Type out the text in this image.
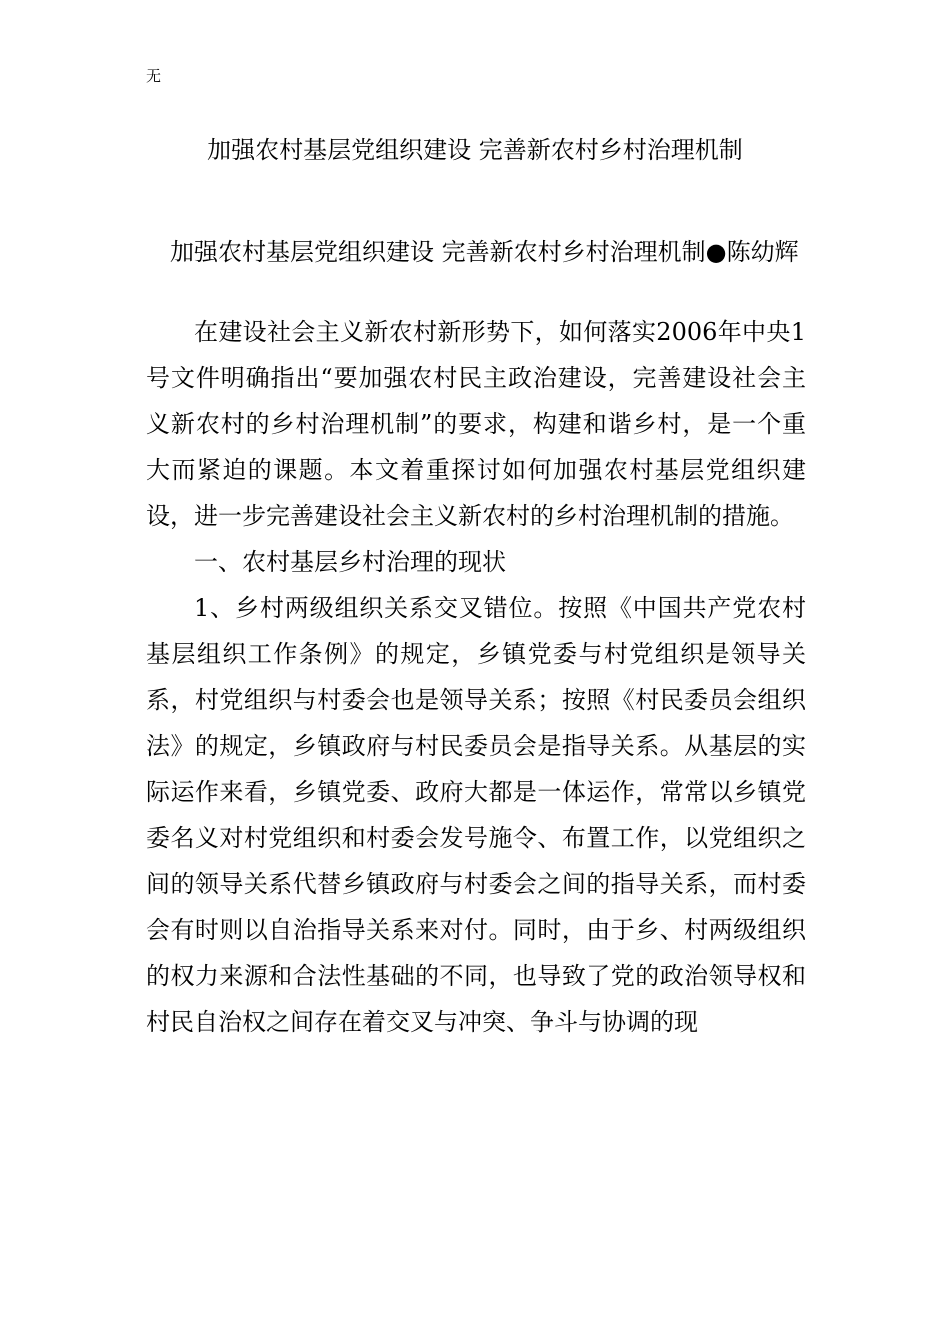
无
加强农村基层党组织建设 完善新农村乡村治理机制

加强农村基层党组织建设 完善新农村乡村治理机制●陈幼辉

在建设社会主义新农村新形势下，如何落实2006年中央1号文件明确指出“要加强农村民主政治建设，完善建设社会主义新农村的乡村治理机制”的要求，构建和谐乡村，是一个重大而紧迫的课题。本文着重探讨如何加强农村基层党组织建设，进一步完善建设社会主义新农村的乡村治理机制的措施。

一、农村基层乡村治理的现状

1、乡村两级组织关系交叉错位。按照《中国共产党农村基层组织工作条例》的规定，乡镇党委与村党组织是领导关系，村党组织与村委会也是领导关系；按照《村民委员会组织法》的规定，乡镇政府与村民委员会是指导关系。从基层的实际运作来看，乡镇党委、政府大都是一体运作，常常以乡镇党委名义对村党组织和村委会发号施令、布置工作，以党组织之间的领导关系代替乡镇政府与村委会之间的指导关系，而村委会有时则以自治指导关系来对付。同时，由于乡、村两级组织的权力来源和合法性基础的不同，也导致了党的政治领导权和村民自治权之间存在着交叉与冲突、争斗与协调的现
